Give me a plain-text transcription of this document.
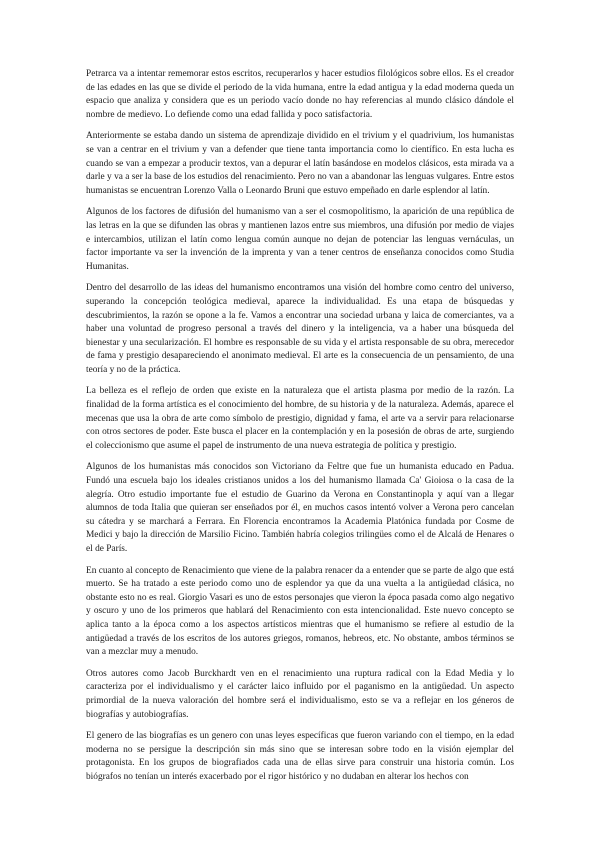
Petrarca va a intentar rememorar estos escritos, recuperarlos y hacer estudios filológicos sobre ellos. Es el creador de las edades en las que se divide el periodo de la vida humana, entre la edad antigua y la edad moderna queda un espacio que analiza y considera que es un periodo vacío donde no hay referencias al mundo clásico dándole el nombre de medievo. Lo defiende como una edad fallida y poco satisfactoria.

Anteriormente se estaba dando un sistema de aprendizaje dividido en el trivium y el quadrivium, los humanistas se van a centrar en el trivium y van a defender que tiene tanta importancia como lo científico. En esta lucha es cuando se van a empezar a producir textos, van a depurar el latín basándose en modelos clásicos, esta mirada va a darle y va a ser la base de los estudios del renacimiento. Pero no van a abandonar las lenguas vulgares. Entre estos humanistas se encuentran Lorenzo Valla o Leonardo Bruni que estuvo empeñado en darle esplendor al latín.

Algunos de los factores de difusión del humanismo van a ser el cosmopolitismo, la aparición de una república de las letras en la que se difunden las obras y mantienen lazos entre sus miembros, una difusión por medio de viajes e intercambios, utilizan el latín como lengua común aunque no dejan de potenciar las lenguas vernáculas, un factor importante va ser la invención de la imprenta y van a tener centros de enseñanza conocidos como Studia Humanitas.

Dentro del desarrollo de las ideas del humanismo encontramos una visión del hombre como centro del universo, superando la concepción teológica medieval, aparece la individualidad. Es una etapa de búsquedas y descubrimientos, la razón se opone a la fe. Vamos a encontrar una sociedad urbana y laica de comerciantes, va a haber una voluntad de progreso personal a través del dinero y la inteligencia, va a haber una búsqueda del bienestar y una secularización. El hombre es responsable de su vida y el artista responsable de su obra, merecedor de fama y prestigio desapareciendo el anonimato medieval. El arte es la consecuencia de un pensamiento, de una teoría y no de la práctica.

La belleza es el reflejo de orden que existe en la naturaleza que el artista plasma por medio de la razón. La finalidad de la forma artística es el conocimiento del hombre, de su historia y de la naturaleza. Además, aparece el mecenas que usa la obra de arte como símbolo de prestigio, dignidad y fama, el arte va a servir para relacionarse con otros sectores de poder. Este busca el placer en la contemplación y en la posesión de obras de arte, surgiendo el coleccionismo que asume el papel de instrumento de una nueva estrategia de política y prestigio.

Algunos de los humanistas más conocidos son Victoriano da Feltre que fue un humanista educado en Padua. Fundó una escuela bajo los ideales cristianos unidos a los del humanismo llamada Ca' Gioiosa o la casa de la alegría. Otro estudio importante fue el estudio de Guarino da Verona en Constantinopla y aquí van a llegar alumnos de toda Italia que quieran ser enseñados por él, en muchos casos intentó volver a Verona pero cancelan su cátedra y se marchará a Ferrara. En Florencia encontramos la Academia Platónica fundada por Cosme de Medici y bajo la dirección de Marsilio Ficino. También habría colegios trilingües como el de Alcalá de Henares o el de París.

En cuanto al concepto de Renacimiento que viene de la palabra renacer da a entender que se parte de algo que está muerto. Se ha tratado a este periodo como uno de esplendor ya que da una vuelta a la antigüedad clásica, no obstante esto no es real. Giorgio Vasari es uno de estos personajes que vieron la época pasada como algo negativo y oscuro y uno de los primeros que hablará del Renacimiento con esta intencionalidad. Este nuevo concepto se aplica tanto a la época como a los aspectos artísticos mientras que el humanismo se refiere al estudio de la antigüedad a través de los escritos de los autores griegos, romanos, hebreos, etc. No obstante, ambos términos se van a mezclar muy a menudo.

Otros autores como Jacob Burckhardt ven en el renacimiento una ruptura radical con la Edad Media y lo caracteriza por el individualismo y el carácter laico influido por el paganismo en la antigüedad. Un aspecto primordial de la nueva valoración del hombre será el individualismo, esto se va a reflejar en los géneros de biografías y autobiografías.

El genero de las biografías es un genero con unas leyes específicas que fueron variando con el tiempo, en la edad moderna no se persigue la descripción sin más sino que se interesan sobre todo en la visión ejemplar del protagonista. En los grupos de biografiados cada una de ellas sirve para construir una historia común. Los biógrafos no tenían un interés exacerbado por el rigor histórico y no dudaban en alterar los hechos con
